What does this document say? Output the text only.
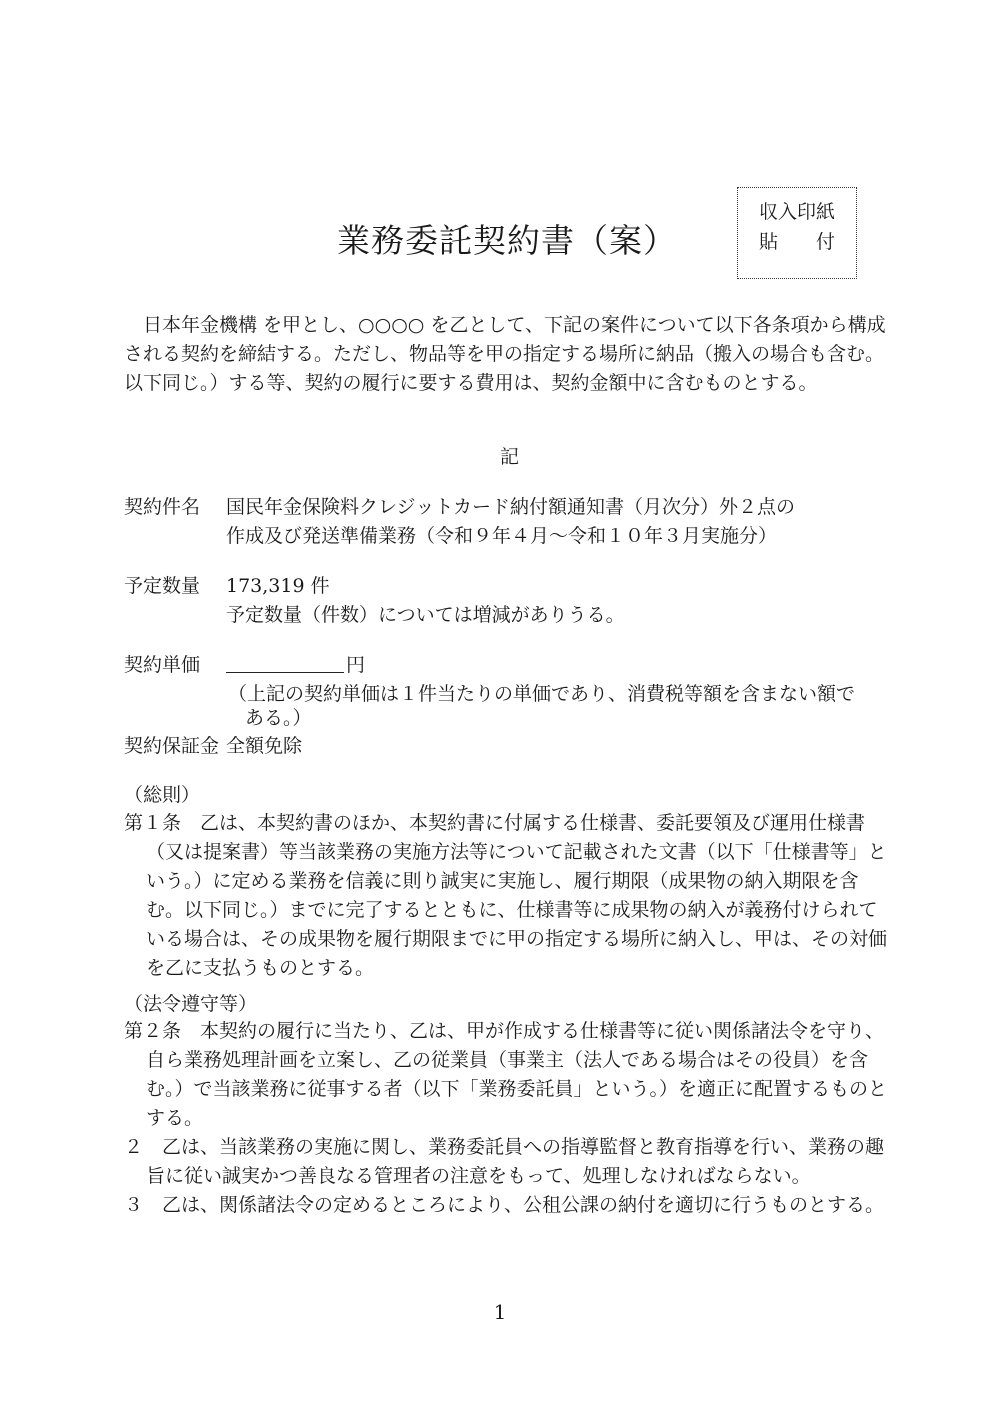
業務委託契約書（案）
収入印紙
貼　　付

日本年金機構 を甲とし、○○○○ を乙として、下記の案件について以下各条項から構成される契約を締結する。ただし、物品等を甲の指定する場所に納品（搬入の場合も含む。以下同じ。）する等、契約の履行に要する費用は、契約金額中に含むものとする。

記
契約件名 国民年金保険料クレジットカード納付額通知書（月次分）外２点の
作成及び発送準備業務（令和９年４月～令和１０年３月実施分）
予定数量 173,319 件
予定数量（件数）については増減がありうる。
契約単価	円
（上記の契約単価は１件当たりの単価であり、消費税等額を含まない額で
ある。）
契約保証金 全額免除
（総則）

第１条　乙は、本契約書のほか、本契約書に付属する仕様書、委託要領及び運用仕様書（又は提案書）等当該業務の実施方法等について記載された文書（以下「仕様書等」という。）に定める業務を信義に則り誠実に実施し、履行期限（成果物の納入期限を含む。以下同じ。）までに完了するとともに、仕様書等に成果物の納入が義務付けられている場合は、その成果物を履行期限までに甲の指定する場所に納入し、甲は、その対価を乙に支払うものとする。

（法令遵守等）

第２条　本契約の履行に当たり、乙は、甲が作成する仕様書等に従い関係諸法令を守り、自ら業務処理計画を立案し、乙の従業員（事業主（法人である場合はその役員）を含む。）で当該業務に従事する者（以下「業務委託員」という。）を適正に配置するものとする。

２　乙は、当該業務の実施に関し、業務委託員への指導監督と教育指導を行い、業務の趣旨に従い誠実かつ善良なる管理者の注意をもって、処理しなければならない。

３　乙は、関係諸法令の定めるところにより、公租公課の納付を適切に行うものとする。

1
